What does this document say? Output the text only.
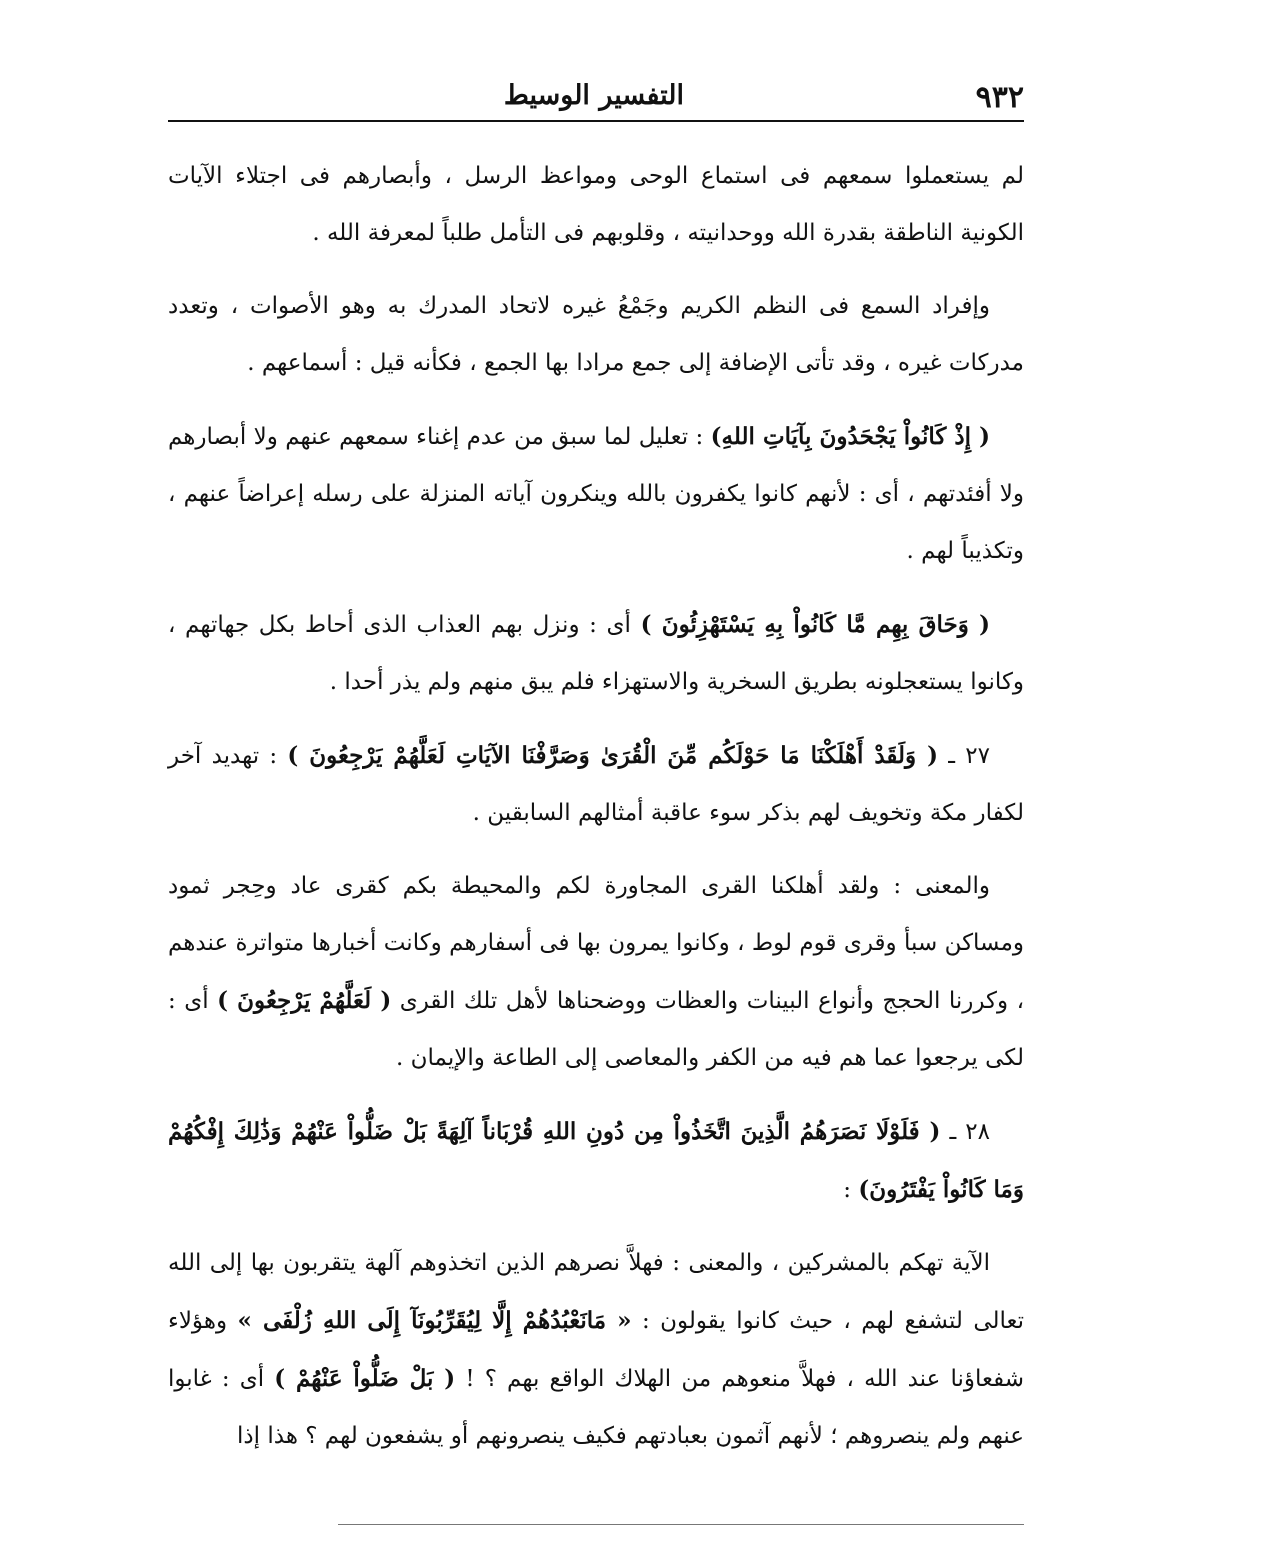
٩٣٢
التفسير الوسيط

لم يستعملوا سمعهم فى استماع الوحى ومواعظ الرسل ، وأبصارهم فى اجتلاء الآيات الكونية الناطقة بقدرة الله ووحدانيته ، وقلوبهم فى التأمل طلباً لمعرفة الله .

وإفراد السمع فى النظم الكريم وجَمْعُ غيره لاتحاد المدرك به وهو الأصوات ، وتعدد مدركات غيره ، وقد تأتى الإضافة إلى جمع مرادا بها الجمع ، فكأنه قيل : أسماعهم .

( إِذْ كَانُواْ يَجْحَدُونَ بِآيَاتِ اللهِ) : تعليل لما سبق من عدم إغناء سمعهم عنهم ولا أبصارهم ولا أفئدتهم ، أى : لأنهم كانوا يكفرون بالله وينكرون آياته المنزلة على رسله إعراضاً عنهم ، وتكذيباً لهم .

( وَحَاقَ بِهِم مَّا كَانُواْ بِهِ يَسْتَهْزِئُونَ ) أى : ونزل بهم العذاب الذى أحاط بكل جهاتهم ، وكانوا يستعجلونه بطريق السخرية والاستهزاء فلم يبق منهم ولم يذر أحدا .

٢٧ ـ ( وَلَقَدْ أَهْلَكْنَا مَا حَوْلَكُم مِّنَ الْقُرَىٰ وَصَرَّفْنَا الآيَاتِ لَعَلَّهُمْ يَرْجِعُونَ ) : تهديد آخر لكفار مكة وتخويف لهم بذكر سوء عاقبة أمثالهم السابقين .

والمعنى : ولقد أهلكنا القرى المجاورة لكم والمحيطة بكم كقرى عاد وحِجر ثمود ومساكن سبأ وقرى قوم لوط ، وكانوا يمرون بها فى أسفارهم وكانت أخبارها متواترة عندهم ، وكررنا الحجج وأنواع البينات والعظات ووضحناها لأهل تلك القرى ( لَعَلَّهُمْ يَرْجِعُونَ ) أى : لكى يرجعوا عما هم فيه من الكفر والمعاصى إلى الطاعة والإيمان .

٢٨ ـ ( فَلَوْلَا نَصَرَهُمُ الَّذِينَ اتَّخَذُواْ مِن دُونِ اللهِ قُرْبَاناً آلِهَةً بَلْ ضَلُّواْ عَنْهُمْ وَذَٰلِكَ إِفْكُهُمْ وَمَا كَانُواْ يَفْتَرُونَ) :

الآية تهكم بالمشركين ، والمعنى : فهلاَّ نصرهم الذين اتخذوهم آلهة يتقربون بها إلى الله تعالى لتشفع لهم ، حيث كانوا يقولون : « مَانَعْبُدُهُمْ إِلَّا لِيُقَرِّبُونَآ إِلَى اللهِ زُلْفَى » وهؤلاء شفعاؤنا عند الله ، فهلاَّ منعوهم من الهلاك الواقع بهم ؟ ! ( بَلْ ضَلُّواْ عَنْهُمْ ) أى : غابوا عنهم ولم ينصروهم ؛ لأنهم آثمون بعبادتهم فكيف ينصرونهم أو يشفعون لهم ؟ هذا إذا
